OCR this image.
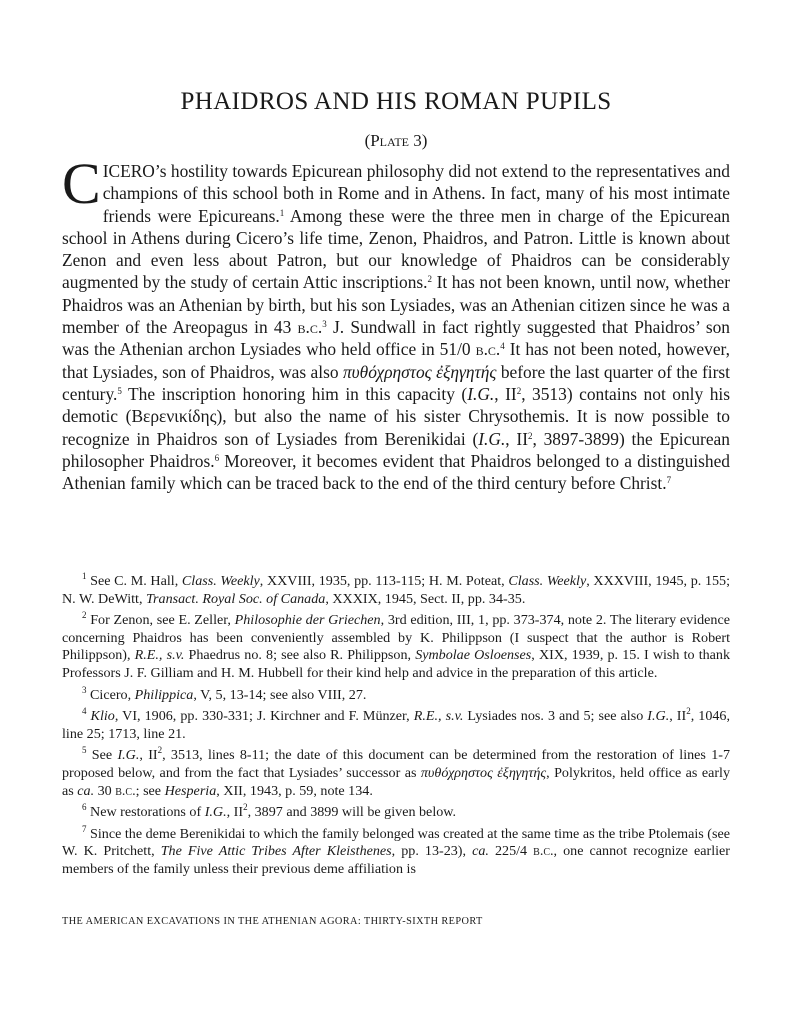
PHAIDROS AND HIS ROMAN PUPILS
(Plate 3)
CICERO’s hostility towards Epicurean philosophy did not extend to the representatives and champions of this school both in Rome and in Athens. In fact, many of his most intimate friends were Epicureans.$^1$ Among these were the three men in charge of the Epicurean school in Athens during Cicero’s life time, Zenon, Phaidros, and Patron. Little is known about Zenon and even less about Patron, but our knowledge of Phaidros can be considerably augmented by the study of certain Attic inscriptions.$^2$ It has not been known, until now, whether Phaidros was an Athenian by birth, but his son Lysiades, was an Athenian citizen since he was a member of the Areopagus in 43 b.c.$^3$ J. Sundwall in fact rightly suggested that Phaidros’ son was the Athenian archon Lysiades who held office in 51/0 b.c.$^4$ It has not been noted, however, that Lysiades, son of Phaidros, was also πυθόχρηστος ἐξηγητής before the last quarter of the first century.$^5$ The inscription honoring him in this capacity (I.G., $II^2$, 3513) contains not only his demotic (Βερενικίδης), but also the name of his sister Chrysothemis. It is now possible to recognize in Phaidros son of Lysiades from Berenikidai (I.G., $II^2$, 3897-3899) the Epicurean philosopher Phaidros.$^6$ Moreover, it becomes evident that Phaidros belonged to a distinguished Athenian family which can be traced back to the end of the third century before Christ.$^7$
$^1$ See C. M. Hall, Class. Weekly, XXVIII, 1935, pp. 113-115; H. M. Poteat, Class. Weekly, XXXVIII, 1945, p. 155; N. W. DeWitt, Transact. Royal Soc. of Canada, XXXIX, 1945, Sect. II, pp. 34-35.
$^2$ For Zenon, see E. Zeller, Philosophie der Griechen, 3rd edition, III, 1, pp. 373-374, note 2. The literary evidence concerning Phaidros has been conveniently assembled by K. Philippson (I suspect that the author is Robert Philippson), R.E., s.v. Phaedrus no. 8; see also R. Philippson, Symbolae Osloenses, XIX, 1939, p. 15. I wish to thank Professors J. F. Gilliam and H. M. Hubbell for their kind help and advice in the preparation of this article.
$^3$ Cicero, Philippica, V, 5, 13-14; see also VIII, 27.
$^4$ Klio, VI, 1906, pp. 330-331; J. Kirchner and F. Münzer, R.E., s.v. Lysiades nos. 3 and 5; see also I.G., $II^2$, 1046, line 25; 1713, line 21.
$^5$ See I.G., $II^2$, 3513, lines 8-11; the date of this document can be determined from the restoration of lines 1-7 proposed below, and from the fact that Lysiades’ successor as πυθόχρηστος ἐξηγητής, Polykritos, held office as early as ca. 30 b.c.; see Hesperia, XII, 1943, p. 59, note 134.
$^6$ New restorations of I.G., $II^2$, 3897 and 3899 will be given below.
$^7$ Since the deme Berenikidai to which the family belonged was created at the same time as the tribe Ptolemais (see W. K. Pritchett, The Five Attic Tribes After Kleisthenes, pp. 13-23), ca. 225/4 b.c., one cannot recognize earlier members of the family unless their previous deme affiliation is
THE AMERICAN EXCAVATIONS IN THE ATHENIAN AGORA: THIRTY-SIXTH REPORT
